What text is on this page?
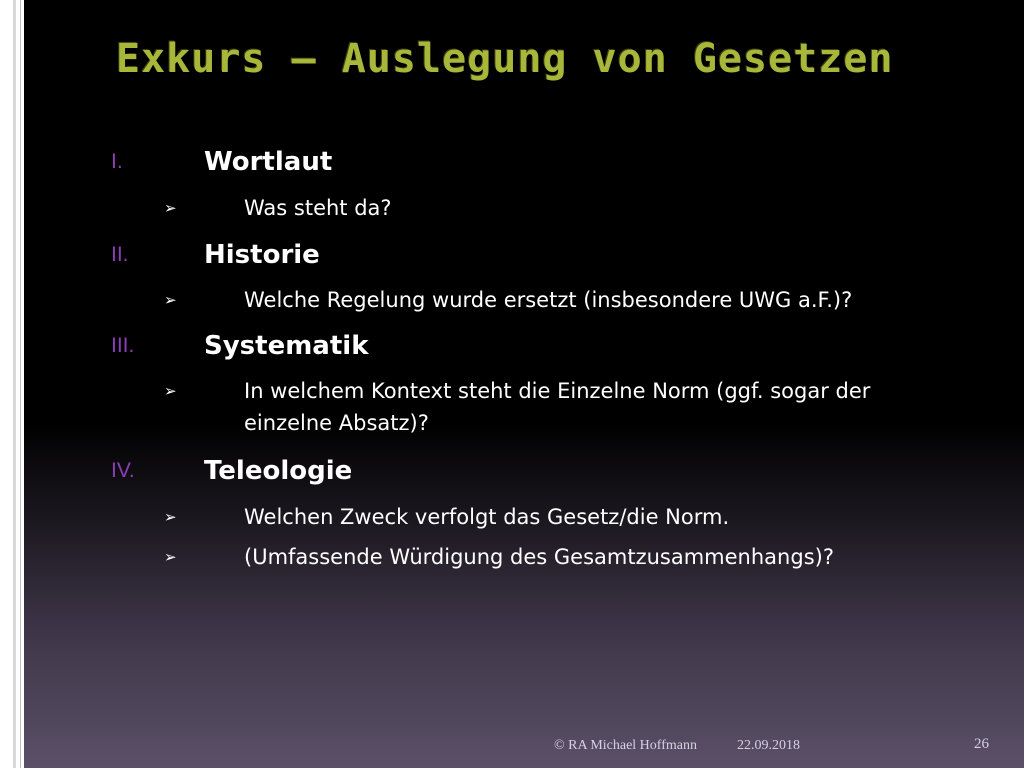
Exkurs – Auslegung von Gesetzen
I.	Wortlaut
➢	Was steht da?
II.	Historie
➢	Welche Regelung wurde ersetzt (insbesondere UWG a.F.)?
III.	Systematik
➢	In welchem Kontext steht die Einzelne Norm (ggf. sogar der einzelne Absatz)?
IV.	Teleologie
➢	Welchen Zweck verfolgt das Gesetz/die Norm.
➢	(Umfassende Würdigung des Gesamtzusammenhangs)?
© RA Michael Hoffmann	22.09.2018	26
